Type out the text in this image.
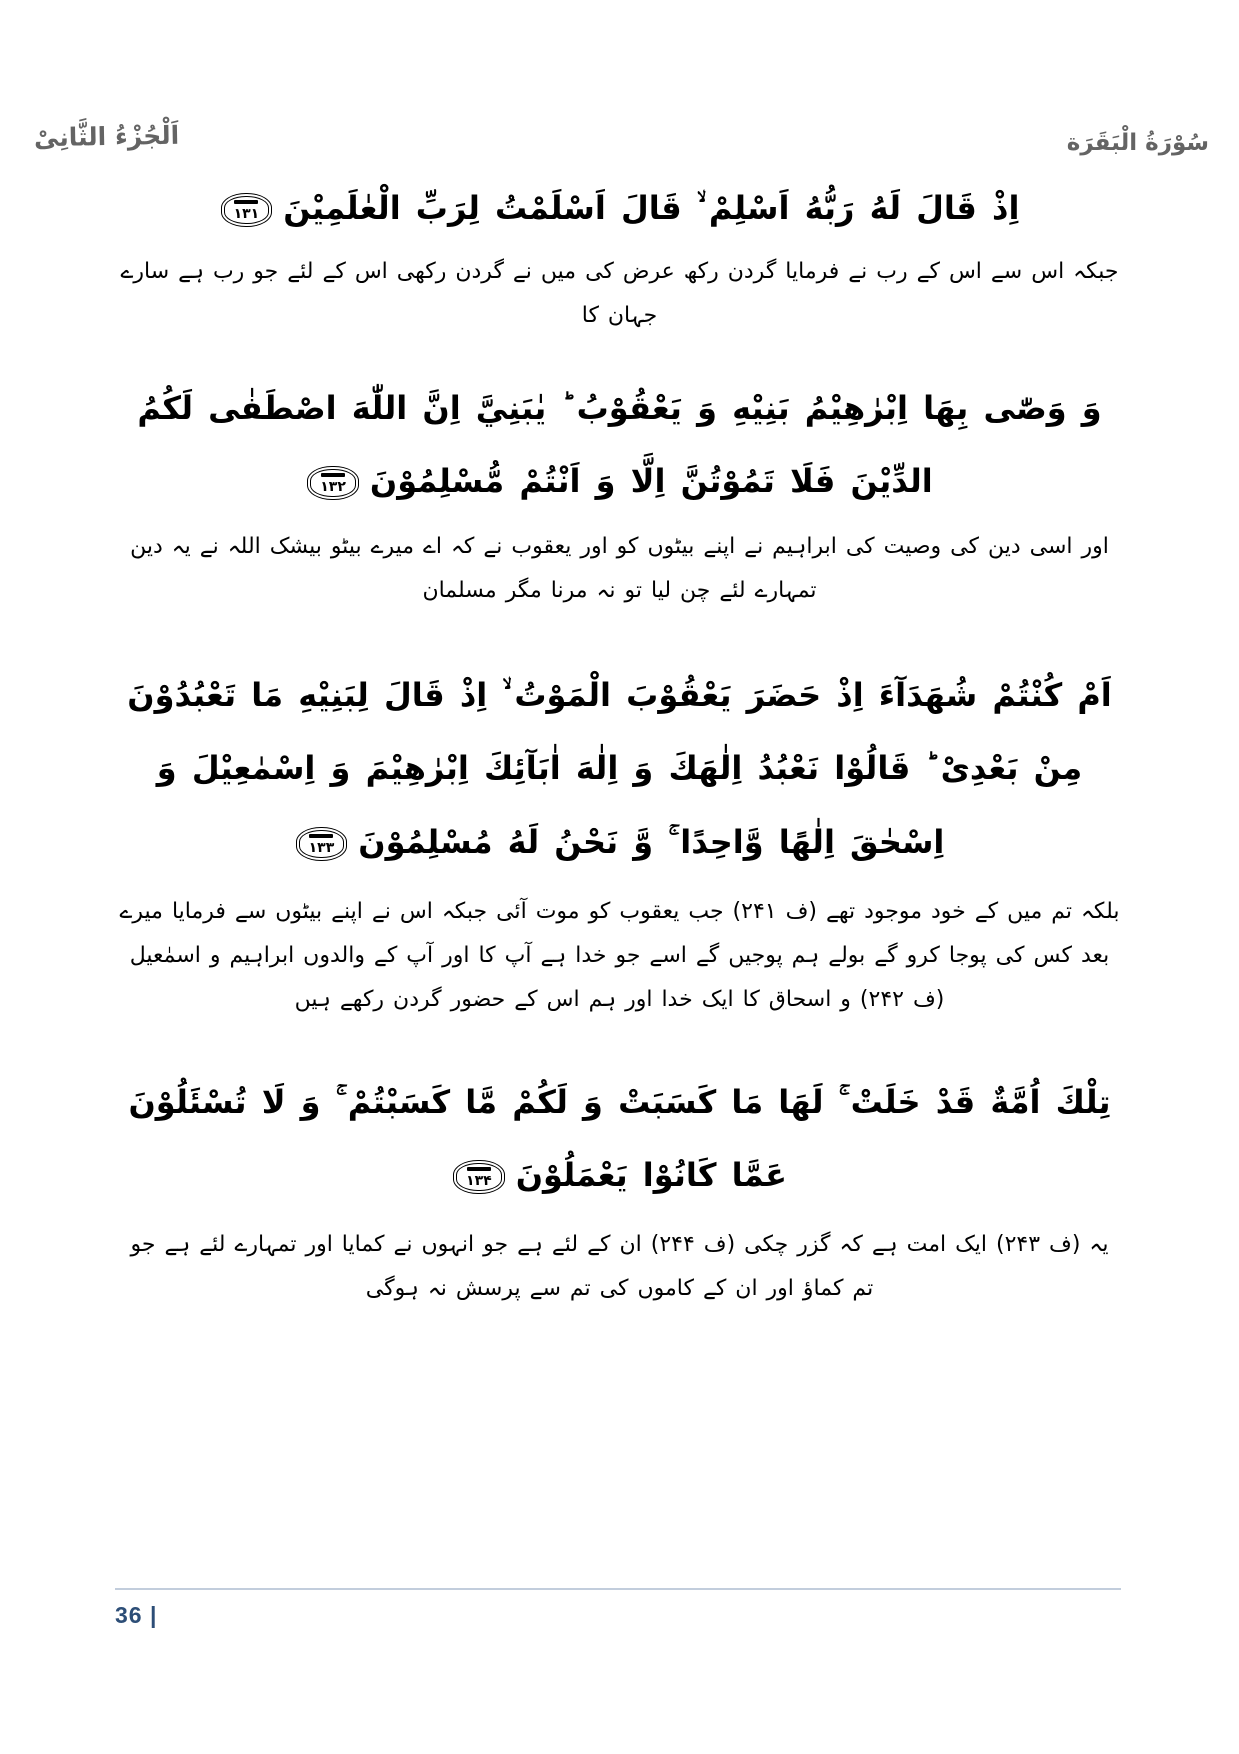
اَلْجُزْءُ الثَّانِیْ	سُوْرَةُ الْبَقَرَة

اِذْ قَالَ لَهُ رَبُّهُ اَسْلِمْ ۙ قَالَ اَسْلَمْتُ لِرَبِّ الْعٰلَمِيْنَ
۱۳۱

جبکہ اس سے اس کے رب نے فرمایا گردن رکھ عرض کی میں نے گردن رکھی اس کے لئے جو رب ہے سارے جہان کا

وَ وَصّٰى بِهَا اِبْرٰهِيْمُ بَنِيْهِ وَ يَعْقُوْبُ ؕ يٰبَنِيَّ اِنَّ اللّٰهَ اصْطَفٰى لَكُمُ الدِّيْنَ فَلَا تَمُوْتُنَّ اِلَّا وَ اَنْتُمْ مُّسْلِمُوْنَ
۱۳۲

اور اسی دین کی وصیت کی ابراہیم نے اپنے بیٹوں کو اور یعقوب نے کہ اے میرے بیٹو بیشک اللہ نے یہ دین تمہارے لئے چن لیا تو نہ مرنا مگر مسلمان

اَمْ كُنْتُمْ شُهَدَآءَ اِذْ حَضَرَ يَعْقُوْبَ الْمَوْتُ ۙ اِذْ قَالَ لِبَنِيْهِ مَا تَعْبُدُوْنَ مِنْ بَعْدِىْ ؕ قَالُوْا نَعْبُدُ اِلٰهَكَ وَ اِلٰهَ اٰبَآئِكَ اِبْرٰهِيْمَ وَ اِسْمٰعِيْلَ وَ اِسْحٰقَ اِلٰهًا وَّاحِدًا ۚ وَّ نَحْنُ لَهُ مُسْلِمُوْنَ
۱۳۳

بلکہ تم میں کے خود موجود تھے (ف ۲۴۱) جب یعقوب کو موت آئی جبکہ اس نے اپنے بیٹوں سے فرمایا میرے بعد کس کی پوجا کرو گے بولے ہم پوجیں گے اسے جو خدا ہے آپ کا اور آپ کے والدوں ابراہیم و اسمٰعیل (ف ۲۴۲) و اسحاق کا ایک خدا اور ہم اس کے حضور گردن رکھے ہیں

تِلْكَ اُمَّةٌ قَدْ خَلَتْ ۚ لَهَا مَا كَسَبَتْ وَ لَكُمْ مَّا كَسَبْتُمْ ۚ وَ لَا تُسْئَلُوْنَ عَمَّا كَانُوْا يَعْمَلُوْنَ
۱۳۴

یہ (ف ۲۴۳) ایک امت ہے کہ گزر چکی (ف ۲۴۴) ان کے لئے ہے جو انہوں نے کمایا اور تمہارے لئے ہے جو تم کماؤ اور ان کے کاموں کی تم سے پرسش نہ ہوگی

36 |
